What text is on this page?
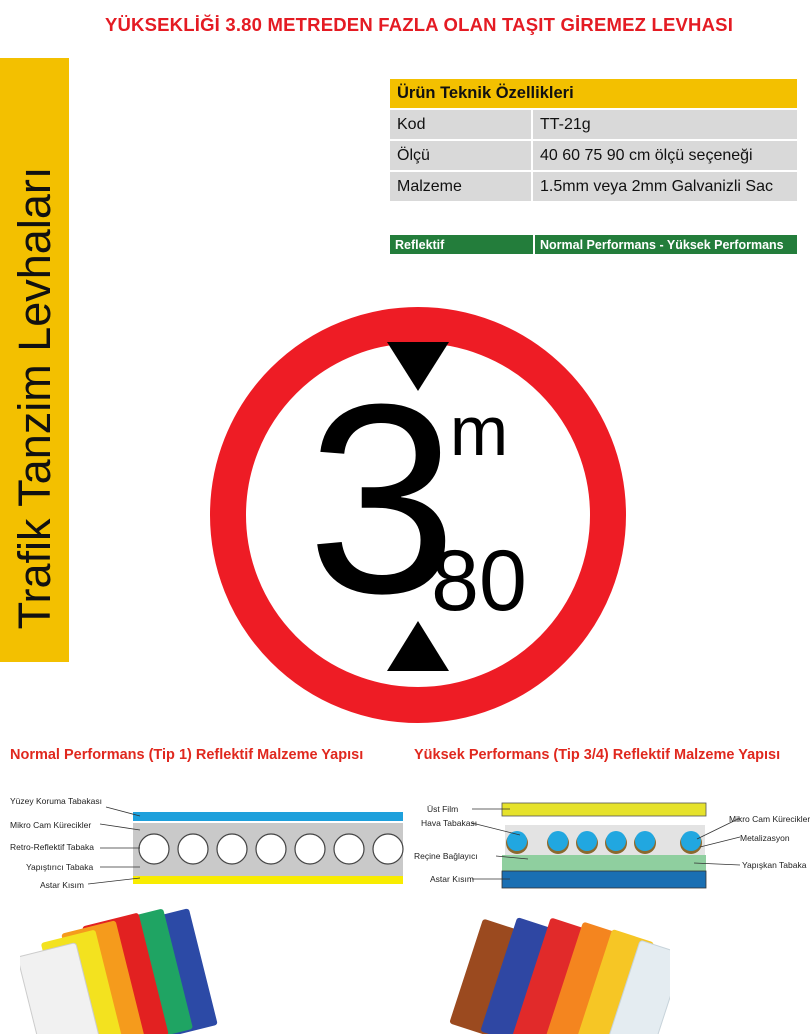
YÜKSEKLİĞİ 3.80 METREDEN FAZLA OLAN TAŞIT GİREMEZ LEVHASI
Trafik Tanzim Levhaları
Ürün Teknik Özellikleri	
Kod	TT-21g
Ölçü	40 60 75 90 cm ölçü seçeneği
Malzeme	1.5mm veya 2mm Galvanizli Sac
Reflektif	Normal Performans - Yüksek Performans
3
m
80
Normal Performans (Tip 1) Reflektif Malzeme Yapısı	Yüksek Performans (Tip 3/4) Reflektif Malzeme Yapısı
Yüzey Koruma Tabakası
Mikro Cam Kürecikler
Retro-Reflektif Tabaka
Yapıştırıcı Tabaka
Astar Kısım
Üst Film
Hava Tabakası
Reçine Bağlayıcı
Astar Kısım
Mikro Cam Kürecikler
Metalizasyon
Yapışkan Tabaka
